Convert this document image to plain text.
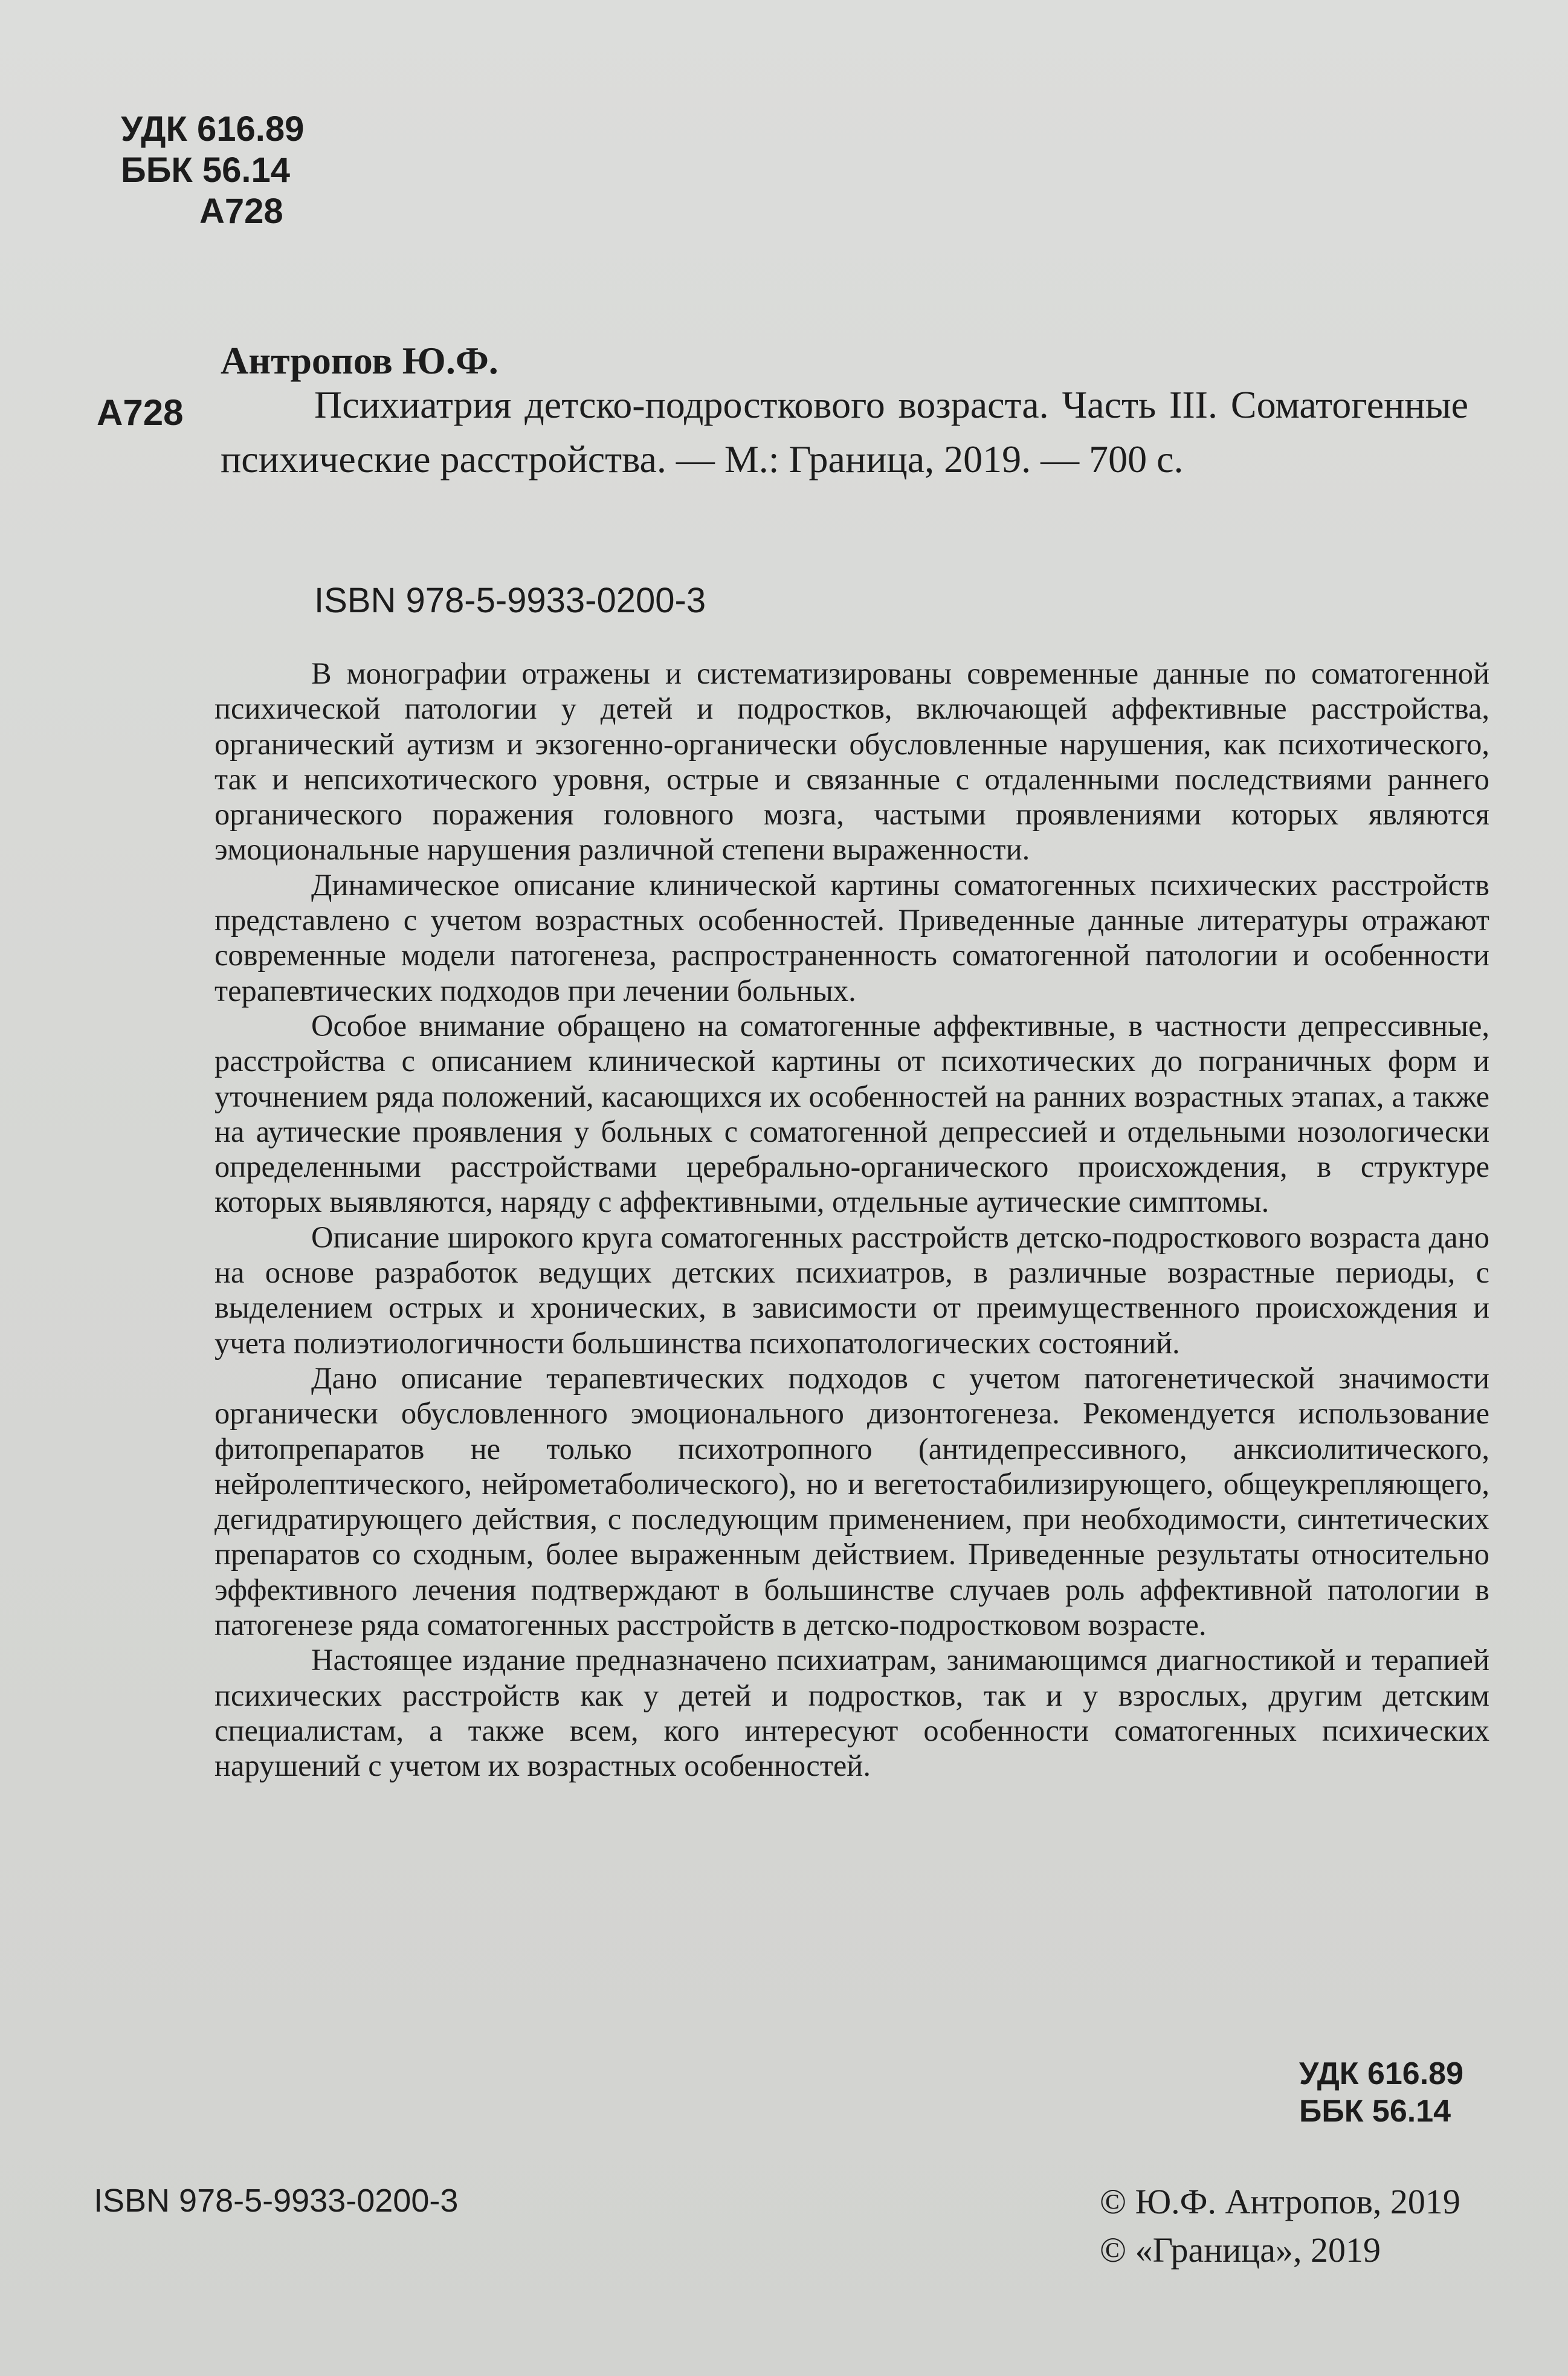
УДК 616.89
ББК 56.14
А728
Антропов Ю.Ф.
А728	Психиатрия детско-подросткового возраста. Часть III. Соматогенные психические расстройства. — М.: Граница, 2019. — 700 с.
ISBN 978-5-9933-0200-3

В монографии отражены и систематизированы современные данные по соматогенной психической патологии у детей и подростков, включающей аффективные расстройства, органический аутизм и экзогенно-органически обусловленные нарушения, как психотического, так и непсихотического уровня, острые и связанные с отдаленными последствиями раннего органического поражения головного мозга, частыми проявлениями которых являются эмоциональные нарушения различной степени выраженности.

Динамическое описание клинической картины соматогенных психических расстройств представлено с учетом возрастных особенностей. Приведенные данные литературы отражают современные модели патогенеза, распространенность соматогенной патологии и особенности терапевтических подходов при лечении больных.

Особое внимание обращено на соматогенные аффективные, в частности депрессивные, расстройства с описанием клинической картины от психотических до пограничных форм и уточнением ряда положений, касающихся их особенностей на ранних возрастных этапах, а также на аутические проявления у больных с соматогенной депрессией и отдельными нозологически определенными расстройствами церебрально-органического происхождения, в структуре которых выявляются, наряду с аффективными, отдельные аутические симптомы.

Описание широкого круга соматогенных расстройств детско-подросткового возраста дано на основе разработок ведущих детских психиатров, в различные возрастные периоды, с выделением острых и хронических, в зависимости от преимущественного происхождения и учета полиэтиологичности большинства психопатологических состояний.

Дано описание терапевтических подходов с учетом патогенетической значимости органически обусловленного эмоционального дизонтогенеза. Рекомендуется использование фитопрепаратов не только психотропного (антидепрессивного, анксиолитического, нейролептического, нейрометаболического), но и вегетостабилизирующего, общеукрепляющего, дегидратирующего действия, с последующим применением, при необходимости, синтетических препаратов со сходным, более выраженным действием. Приведенные результаты относительно эффективного лечения подтверждают в большинстве случаев роль аффективной патологии в патогенезе ряда соматогенных расстройств в детско-подростковом возрасте.

Настоящее издание предназначено психиатрам, занимающимся диагностикой и терапией психических расстройств как у детей и подростков, так и у взрослых, другим детским специалистам, а также всем, кого интересуют особенности соматогенных психических нарушений с учетом их возрастных особенностей.

УДК 616.89
ББК 56.14
ISBN 978-5-9933-0200-3	© Ю.Ф. Антропов, 2019
© «Граница», 2019
